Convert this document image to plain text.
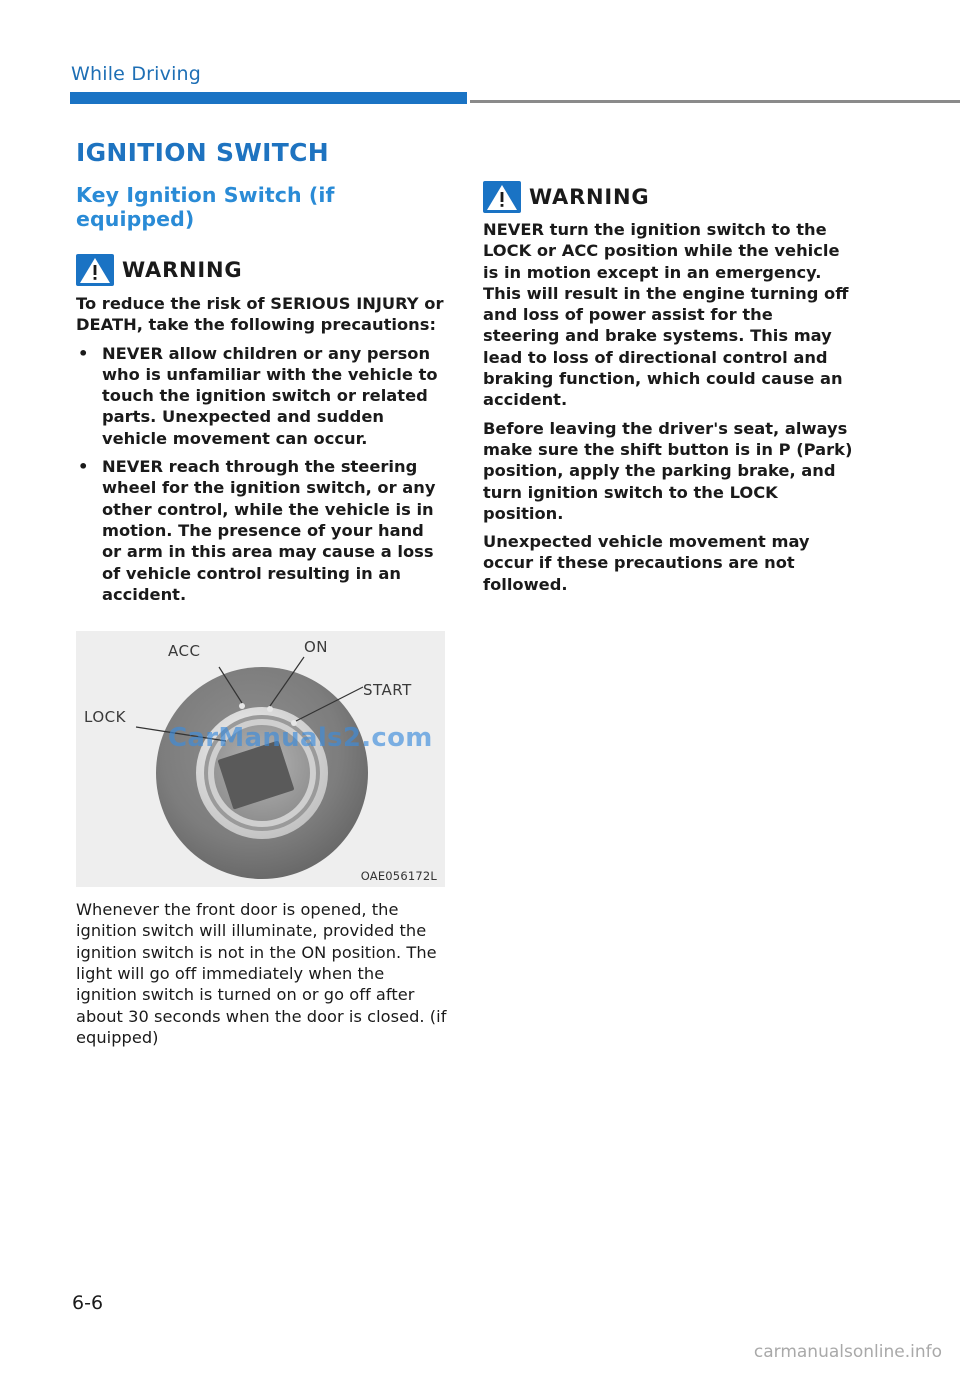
While Driving
IGNITION SWITCH
Key Ignition Switch (if equipped)
WARNING

To reduce the risk of SERIOUS INJURY or DEATH, take the following precautions:

• NEVER allow children or any person who is unfamiliar with the vehicle to touch the ignition switch or related parts. Unexpected and sudden vehicle movement can occur.
• NEVER reach through the steering wheel for the ignition switch, or any other control, while the vehicle is in motion. The presence of your hand or arm in this area may cause a loss of vehicle control resulting in an accident.
ACC	ON
START
LOCK
CarManuals2.com
OAE056172L

Whenever the front door is opened, the ignition switch will illuminate, provided the ignition switch is not in the ON position. The light will go off immediately when the ignition switch is turned on or go off after about 30 seconds when the door is closed. (if equipped)

WARNING

NEVER turn the ignition switch to the LOCK or ACC position while the vehicle is in motion except in an emergency. This will result in the engine turning off and loss of power assist for the steering and brake systems. This may lead to loss of directional control and braking function, which could cause an accident.

Before leaving the driver's seat, always make sure the shift button is in P (Park) position, apply the parking brake, and turn ignition switch to the LOCK position.

Unexpected vehicle movement may occur if these precautions are not followed.

6-6
carmanualsonline.info
